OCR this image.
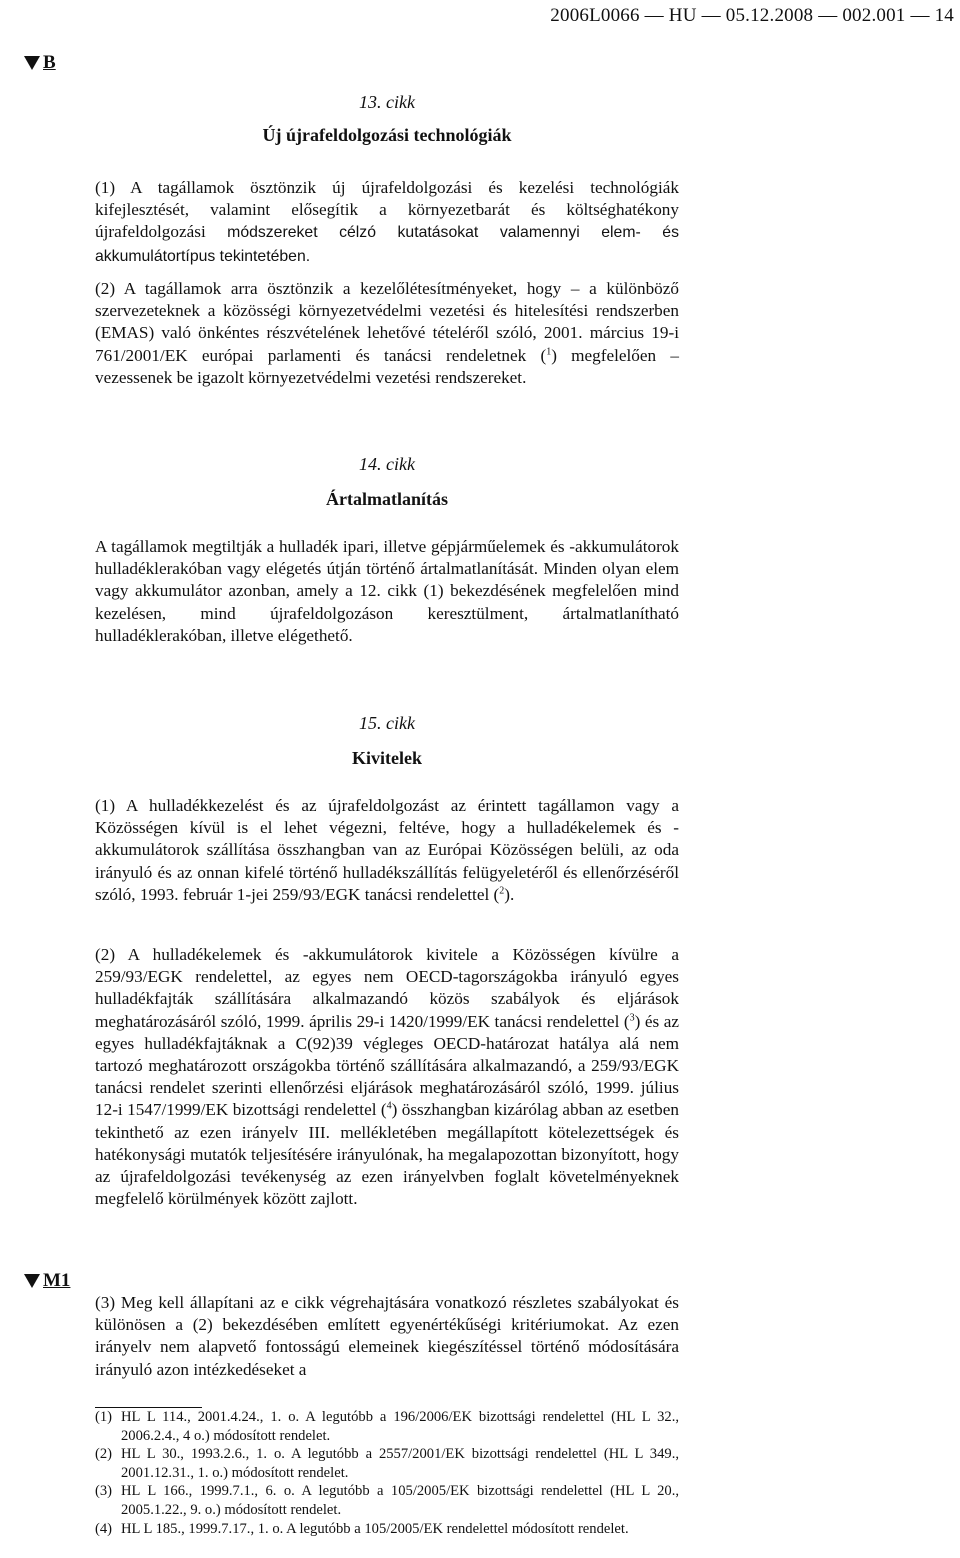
2006L0066 — HU — 05.12.2008 — 002.001 — 14
B
M1
13. cikk
Új újrafeldolgozási technológiák

(1) A tagállamok ösztönzik új újrafeldolgozási és kezelési technológiák kifejlesztését, valamint elősegítik a környezetbarát és költséghatékony újrafeldolgozási módszereket célzó kutatásokat valamennyi elem- és akkumulátortípus tekintetében.

(2) A tagállamok arra ösztönzik a kezelőlétesítményeket, hogy – a különböző szervezeteknek a közösségi környezetvédelmi vezetési és hitelesítési rendszerben (EMAS) való önkéntes részvételének lehetővé tételéről szóló, 2001. március 19-i 761/2001/EK európai parlamenti és tanácsi rendeletnek ($^1$) megfelelően – vezessenek be igazolt környezetvédelmi vezetési rendszereket.

14. cikk
Ártalmatlanítás

A tagállamok megtiltják a hulladék ipari, illetve gépjárműelemek és -akkumulátorok hulladéklerakóban vagy elégetés útján történő ártalmatlanítását. Minden olyan elem vagy akkumulátor azonban, amely a 12. cikk (1) bekezdésének megfelelően mind kezelésen, mind újrafeldolgozáson keresztülment, ártalmatlanítható hulladéklerakóban, illetve elégethető.

15. cikk
Kivitelek

(1) A hulladékkezelést és az újrafeldolgozást az érintett tagállamon vagy a Közösségen kívül is el lehet végezni, feltéve, hogy a hulladékelemek és -akkumulátorok szállítása összhangban van az Európai Közösségen belüli, az oda irányuló és az onnan kifelé történő hulladékszállítás felügyeletéről és ellenőrzéséről szóló, 1993. február 1-jei 259/93/EGK tanácsi rendelettel ($^2$).

(2) A hulladékelemek és -akkumulátorok kivitele a Közösségen kívülre a 259/93/EGK rendelettel, az egyes nem OECD-tagországokba irányuló egyes hulladékfajták szállítására alkalmazandó közös szabályok és eljárások meghatározásáról szóló, 1999. április 29-i 1420/1999/EK tanácsi rendelettel ($^3$) és az egyes hulladékfajtáknak a C(92)39 végleges OECD-határozat hatálya alá nem tartozó meghatározott országokba történő szállítására alkalmazandó, a 259/93/EGK tanácsi rendelet szerinti ellenőrzési eljárások meghatározásáról szóló, 1999. július 12-i 1547/1999/EK bizottsági rendelettel ($^4$) összhangban kizárólag abban az esetben tekinthető az ezen irányelv III. mellékletében megállapított kötelezettségek és hatékonysági mutatók teljesítésére irányulónak, ha megalapozottan bizonyított, hogy az újrafeldolgozási tevékenység az ezen irányelvben foglalt követelményeknek megfelelő körülmények között zajlott.

(3) Meg kell állapítani az e cikk végrehajtására vonatkozó részletes szabályokat és különösen a (2) bekezdésében említett egyenértékűségi kritériumokat. Az ezen irányelv nem alapvető fontosságú elemeinek kiegészítéssel történő módosítására irányuló azon intézkedéseket a

(1) HL L 114., 2001.4.24., 1. o. A legutóbb a 196/2006/EK bizottsági rendelettel (HL L 32., 2006.2.4., 4 o.) módosított rendelet.
(2) HL L 30., 1993.2.6., 1. o. A legutóbb a 2557/2001/EK bizottsági rendelettel (HL L 349., 2001.12.31., 1. o.) módosított rendelet.
(3) HL L 166., 1999.7.1., 6. o. A legutóbb a 105/2005/EK bizottsági rendelettel (HL L 20., 2005.1.22., 9. o.) módosított rendelet.
(4) HL L 185., 1999.7.17., 1. o. A legutóbb a 105/2005/EK rendelettel módosított rendelet.
